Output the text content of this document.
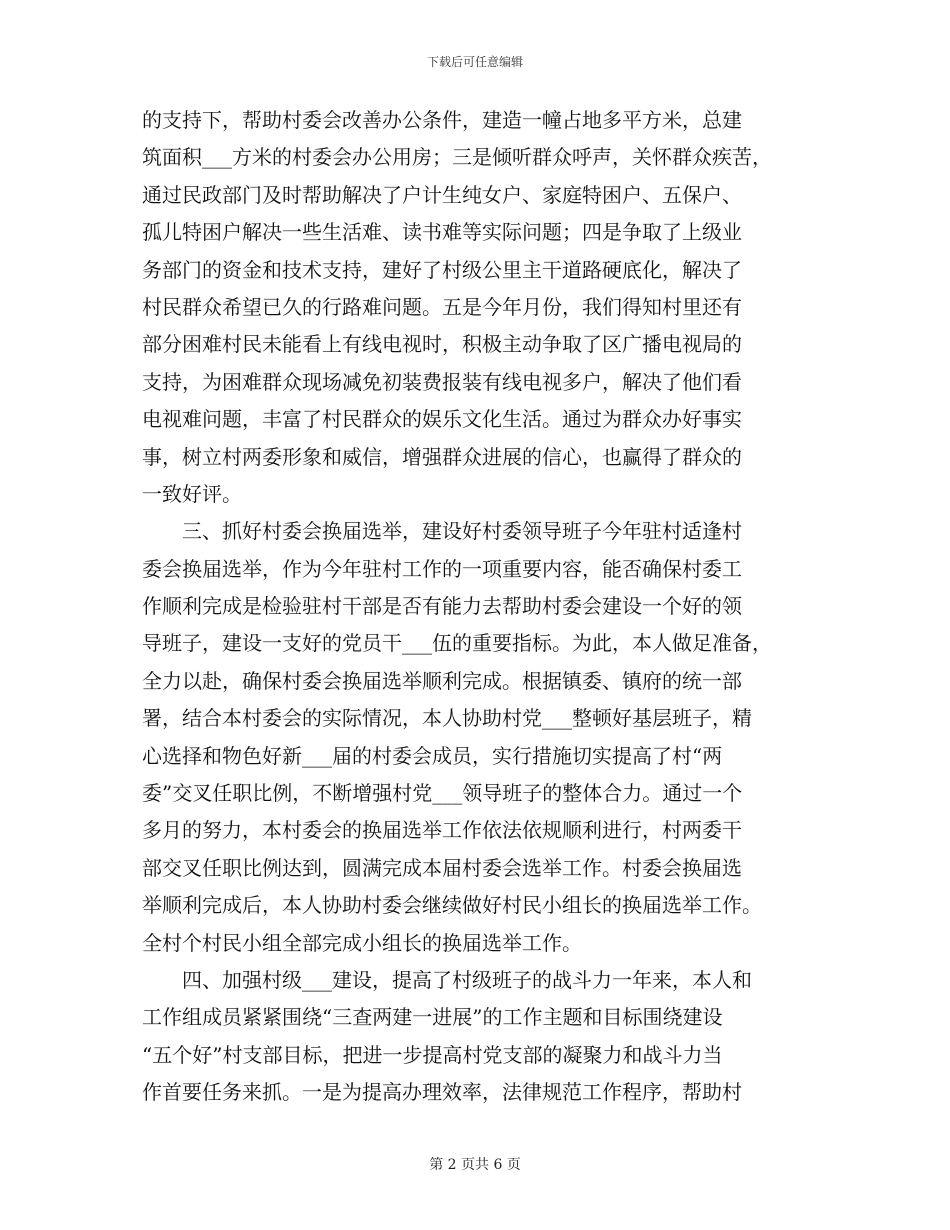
下载后可任意编辑
的支持下，帮助村委会改善办公条件，建造一幢占地多平方米，总建
筑面积___方米的村委会办公用房；三是倾听群众呼声，关怀群众疾苦，
通过民政部门及时帮助解决了户计生纯女户、家庭特困户、五保户、
孤儿特困户解决一些生活难、读书难等实际问题；四是争取了上级业
务部门的资金和技术支持，建好了村级公里主干道路硬底化，解决了
村民群众希望已久的行路难问题。五是今年月份，我们得知村里还有
部分困难村民未能看上有线电视时，积极主动争取了区广播电视局的
支持，为困难群众现场减免初装费报装有线电视多户，解决了他们看
电视难问题，丰富了村民群众的娱乐文化生活。通过为群众办好事实
事，树立村两委形象和威信，增强群众进展的信心，也赢得了群众的
一致好评。
　　三、抓好村委会换届选举，建设好村委领导班子今年驻村适逢村
委会换届选举，作为今年驻村工作的一项重要内容，能否确保村委工
作顺利完成是检验驻村干部是否有能力去帮助村委会建设一个好的领
导班子，建设一支好的党员干___伍的重要指标。为此，本人做足准备，
全力以赴，确保村委会换届选举顺利完成。根据镇委、镇府的统一部
署，结合本村委会的实际情况，本人协助村党___整顿好基层班子，精
心选择和物色好新___届的村委会成员，实行措施切实提高了村“两
委”交叉任职比例，不断增强村党___领导班子的整体合力。通过一个
多月的努力，本村委会的换届选举工作依法依规顺利进行，村两委干
部交叉任职比例达到，圆满完成本届村委会选举工作。村委会换届选
举顺利完成后，本人协助村委会继续做好村民小组长的换届选举工作。
全村个村民小组全部完成小组长的换届选举工作。
　　四、加强村级___建设，提高了村级班子的战斗力一年来，本人和
工作组成员紧紧围绕“三查两建一进展”的工作主题和目标围绕建设
“五个好”村支部目标，把进一步提高村党支部的凝聚力和战斗力当
作首要任务来抓。一是为提高办理效率，法律规范工作程序，帮助村
第 2 页共 6 页
